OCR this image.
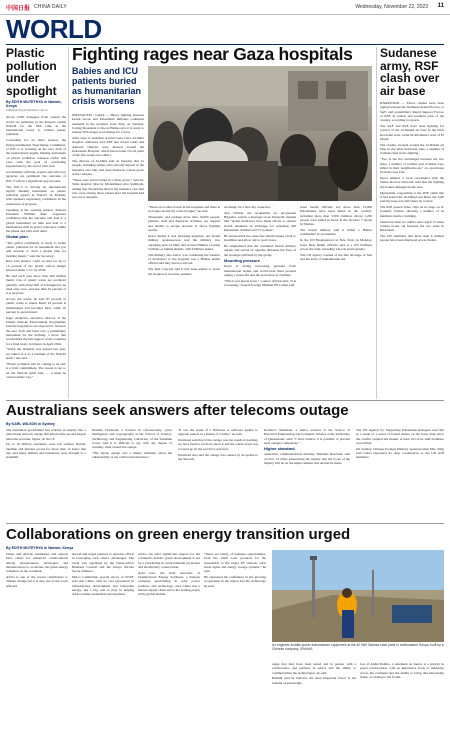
中国日报 CHINA DAILY	Wednesday, November 22, 2023 11
WORLD
Plastic pollution under spotlight
By EDITH MUTETHYA in Nairobi, Kenya
edithmutethya@chinadaily.com.cn

About 2,000 delegates from around the world are gathering in the Kenyan capital Nairobi for the fifth talks in the international treaty to combat plastic pollution.

Convening for its third session, the Intergovernmental Negotiating Committee, or INC-3, is focusing on the zero draft of the international legally binding instrument on plastic pollution, released earlier this year, with the goal of concluding negotiations by the end of next year.

Government officials, experts and advocacy agencies are optimistic the outcome of INC-3 will be a significant step forward.

The INC-3 is driving an international legally binding instrument on plastic pollution agreed in Nairobi on Monday with speakers expressing confidence in the realization of progress.

Speaking at the opening session, Kenyan President William Ruto expressed confidence that the outcome will lead to a global instrument on time and lead to a harmonized shift in policy relevance within the planet and with each other.

Global plan

"The global community is ready to tackle plastic pollution for an instrument that you will develop to chart a global plan for tackling plastic," said the Secretary.

Ruto said plastics could account for up to 15 percent of the global carbon budget allowed under 1.5 C by 2050.

He said each year more than 400 million metric tons of plastic waste are produced globally, with about half of it designed to be used only once, and less than 10 percent of it is recycled.

Across the world, he said 87 percent of plastic waste is found. Kind, 22 percent is mismanaged and becomes litter, while 19 percent is open burned.

Inger Andersen, executive director of the United Nations Environment Programme, said the negotiators are expected to advance the zero draft and hand over a preliminary instrument for the drafting, a move that would mark the full support of the countries for a final treaty in Ottawa in April 2024.

"When the mandate was passed last year, we talked of it as a triumph of the Nairobi spirit," she said.

"Plastic pollution will be coming to an end, is a bold commitment. The lesson is not to let the Nairobi spirit fade — it must be carried all the way."

Fighting rages near Gaza hospitals
Babies and ICU patients buried as humanitarian crisis worsens

JERUSALEM / GAZA — Heavy fighting between Israeli forces and Palestinian militants continued unabated in the northern Gaza Strip on Tuesday, forcing thousands to flee as Hamas says it is ready to release 50 hostages in exchange for a truce.

After days of airstrikes around Gaza City's Al-Shifa hospital, witnesses told AFP that Israeli tanks and armored vehicles were massed around the Indonesian Hospital, which has become a focal point of the five-week-old conflict.

The director of Al-Shifa said on Tuesday that 31 people, including babies and critically injured in the intensive care unit, had been buried in a mass grave at the complex.

"There were seven babies in a mass grave," said Al-Shifa hospital director Mohammed Abu Salmiyah, adding that 29 patients died in the intensive care unit who were among those buried after the hospital had run out of supplies.

"These are bodies frozen in the hospitals and there is no longer electricity at the morgue," he said.

Thousands, and perhaps more than 10,000 people, patients, staff and displaced civilians, are trapped and unable to escape because of fierce fighting nearby.

Israel denied it was attacking hospitals. An Israeli military spokesperson said the military was operating near Al-Shifa and accused Hamas of using civilians as human shields, which Hamas denies.

The military also said it was continuing the transfer of incubators to the hospital, but a Hamas health official said they had not arrived.

The Red Crescent said it had been unable to reach the hospital to evacuate patients.

exchange for a five-day cease-fire.

Abu Obaida, the spokesman for Al-Qassam Brigades, said in a message on its Telegram channel that "Qatari mediators have made efforts to release Israeli detainees in exchange for releasing 200 Palestinian children and 75 women".

He stressed that the cease-fire should ensure a halt to hostilities and allow aid to reach Gaza.

He emphasized that the continued Israeli military assault and arrival of supplies threatens the lives of the hostages still held by the group.

Mounting pressure

Israel is facing increasing pressure from international bodies and world-wide mass protests urging a cease-fire and the protection of civilians.

"This is not just in Gaza," a senior official said, "it is worsening," Israeli Foreign Minister Eli Cohen said.

Gaza health officials say more than 13,000 Palestinians have been killed in the conflict, including more than 5,500 children. About 1,200 people were killed in Israel in the October 7 attack by Hamas.

The Israeli military said it killed a Hamas commander in an airstrike.

In the UN Headquarters in New York on Monday, Gaza Strip health officials said at a UN facilities across the strip, including schools and hospitals.

The UN agency warned of the dire shortage of fuel and the entry of humanitarian aid.

Sudanese army, RSF clash over air base

KHARTOUM — Fierce clashes have been raging between the Sudanese Armed Forces, or SAF, and paramilitary Rapid Support Forces, or RSF, in central and southern parts of the country, according to reports.

The SAF and RSF have been fighting for control of the Al-Nuhud air base in the West Kordofan state, some 60 kilometers west of El Obeid.

The clashes focused around the Al-Nuhud air base in the West Kordofan state, a number of civilians died in the fighting.

"Two is the fire exchanged between the two sides, a number of soldiers and civilians were killed in their neighborhoods," an eyewitness from the area said.

Dawa Ahmed, a local coordinator with the Sudan Doctors Network, said that the fighting left homes damaged in the area.

Meanwhile, responding to the RSF claim that it had seized the Al-Nuhud Air Base, the SAF said the base was still under its control.

The RSF posted video clips on its page on X, formerly Twitter, showing a number of its members inside a building.

Sudan has been in conflict since April 15 when clashes broke out between the two sides in Khartoum.

The UN estimates that more than 6 million people have been displaced across Sudan.

Australians seek answers after telecoms outage
By KARL WILSON in Sydney

The Australian government has ordered an inquiry into a nationwide network outage that affected the second-largest telecoms provider, Optus, on Nov 8.

Up to 10 million customers were left without mobile, landline and internet access for more than 12 hours that day, and many utilities and businesses were brought to a standstill.

Domain Dormond, a lecturer in cybersecurity, cyber intelligence and cryptography at the School of Science, Technology and Engineering, University of the Sunshine Coast, said it is difficult to say with any degree of certainty what caused the outage.

"The Optus outage was a timely reminder about the vulnerability of our critical infrastructure."

"It was the result of a firmware or software update to upgrade routers as a matter of routine," he said.

Dormond said that if the outage was the result of hacking, we have heard a lot more about it and the whole event was covered up by the service's operators.

Dormond also said the outage was caused by an update to the network.

Komarov Rahaman, a senior lecturer at the School of Electrical Engineering and Computer Science at the University of Queensland, said: "I don't believe it is possible to prevent such outages completely."

Higher standard

Australia's communications minister, Michelle Rowland, said on Nov 14 while announcing the inquiry that the focus of the inquiry will be on the improvements that should be made.

The UN Agency for Supporting Palestinian Refugees said that as a result of a series of Israeli strikes on the Gaza Strip since the conflict erupted last month, at least 103 of its staff members were killed.

On Sunday, Chinese Foreign Ministry spokeswoman Mao Ning said China expressed its deep condolences to the UN staff members.

Collaborations on green energy transition urged
By EDITH MUTETHYA in Nairobi, Kenya

China and African businesses and experts have called for enhanced collaborations among entrepreneurs, developers and manufacturers to accelerate the green energy transition on the continent.

Africa is one of the lowest contributors to climate change but it is also one of the worst affected.

abroad and urged partners to increase efforts in leveraging each other's advantages. The event was organized by the China-Africa Business Council and the Kenya Private Sector Alliance.

Marco Lambertini, special envoy of WWF, said that China, with its vast experience in infrastructure development and renewable energy, has a big role to play in helping Africa realize sustainable development.

Africa can offer significant support for the continent's holistic green development if led by a prioritizing its environmental protection and biodiversity conservation.

Aoki Guo, the chief executive of Chemicalcare Energy Solutions, a Kenyan company specializing in solar power products and technology, said China has a mature supply chain and is the leading player in the global market.

"There are plenty of business opportunities, from the small solar products for the households to the larger PV stations, solar street lights and energy storage systems," he said.

He expressed his confidence in the growing cooperation in the region and the technology he said.

An engineer installs power transmission equipment at the 40 MW Garissa solar plant in northeastern Kenya, built by a Chinese company. XINHUA

range that they have been tested and in partner with a collaborative and partners in Africa and the ability to commercialize the technologies, he said.

Rashidi said he believes the most important factor is the transfer of knowledge.

Lee of Abdul Ramba, a statement on Kenya is a priority in green collaboration, with an impressive stock of industries across the continent and the ability to bring that knowledge home, according to the forum.
